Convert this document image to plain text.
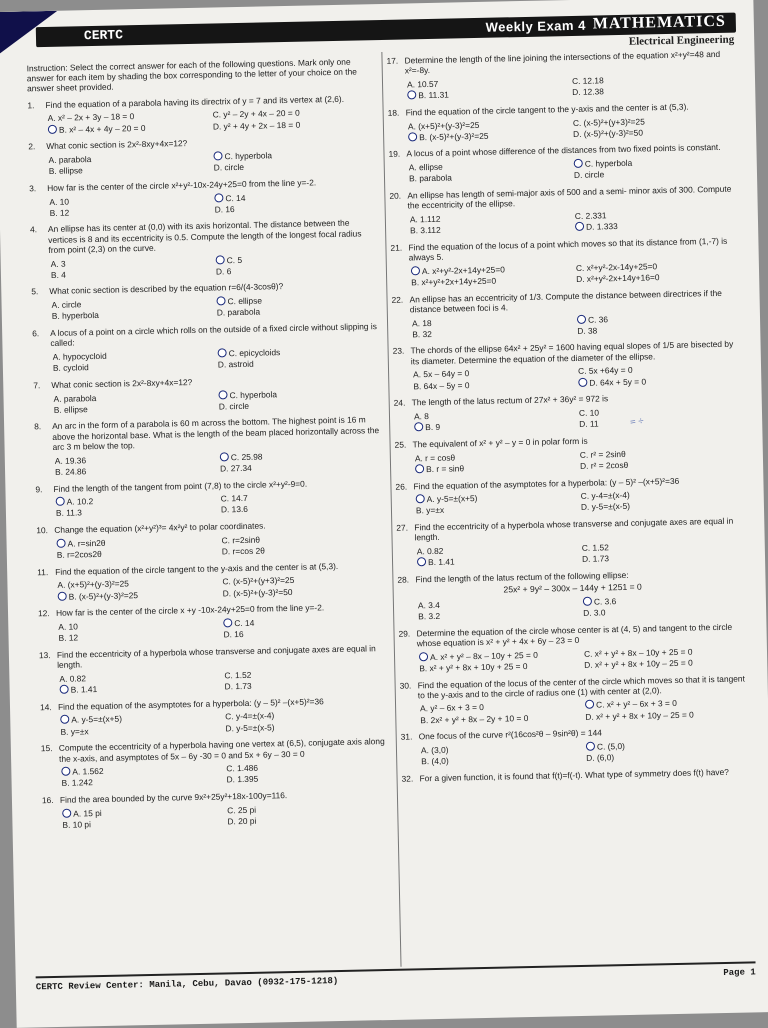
CERTC
Weekly Exam 4 MATHEMATICS
Electrical Engineering
Instruction: Select the correct answer for each of the following questions. Mark only one answer for each item by shading the box corresponding to the letter of your choice on the answer sheet provided.
1.	Find the equation of a parabola having its directrix of y = 7 and its vertex at (2,6).
A. x² – 2x + 3y – 18 = 0	C. y² – 2y + 4x – 20 = 0
B. x² – 4x + 4y – 20 = 0	D. y² + 4y + 2x – 18 = 0
2.	What conic section is 2x²-8xy+4x=12?
A. parabola	C. hyperbola
B. ellipse	D. circle
3.	How far is the center of the circle x²+y²-10x-24y+25=0 from the line y=-2.
A. 10	C. 14
B. 12	D. 16
4.	An ellipse has its center at (0,0) with its axis horizontal. The distance between the vertices is 8 and its eccentricity is 0.5. Compute the length of the longest focal radius from point (2,3) on the curve.
A. 3	C. 5
B. 4	D. 6
5.	What conic section is described by the equation r=6/(4-3cosθ)?
A. circle	C. ellipse
B. hyperbola	D. parabola
6.	A locus of a point on a circle which rolls on the outside of a fixed circle without slipping is called:
A. hypocycloid	C. epicycloids
B. cycloid	D. astroid
7.	What conic section is 2x²-8xy+4x=12?
A. parabola	C. hyperbola
B. ellipse	D. circle
8.	An arc in the form of a parabola is 60 m across the bottom. The highest point is 16 m above the horizontal base. What is the length of the beam placed horizontally across the arc 3 m below the top.
A. 19.36	C. 25.98
B. 24.86	D. 27.34
9.	Find the length of the tangent from point (7,8) to the circle x²+y²-9=0.
A. 10.2	C. 14.7
B. 11.3	D. 13.6
10. Change the equation (x²+y²)³= 4x²y² to polar coordinates.
A. r=sin2θ	C. r=2sinθ
B. r=2cos2θ	D. r=cos 2θ
11. Find the equation of the circle tangent to the y-axis and the center is at (5,3).
A. (x+5)²+(y-3)²=25	C. (x-5)²+(y+3)²=25
B. (x-5)²+(y-3)²=25	D. (x-5)²+(y-3)²=50
12. How far is the center of the circle x +y -10x-24y+25=0 from the line y=-2.
A. 10	C. 14
B. 12	D. 16
13. Find the eccentricity of a hyperbola whose transverse and conjugate axes are equal in length.
A. 0.82	C. 1.52
B. 1.41	D. 1.73
14. Find the equation of the asymptotes for a hyperbola: (y – 5)² –(x+5)²=36
A. y-5=±(x+5)	C. y-4=±(x-4)
B. y=±x	D. y-5=±(x-5)
15. Compute the eccentricity of a hyperbola having one vertex at (6,5), conjugate axis along the x-axis, and asymptotes of 5x – 6y -30 = 0 and 5x + 6y – 30 = 0
A. 1.562	C. 1.486
B. 1.242	D. 1.395
16. Find the area bounded by the curve 9x²+25y²+18x-100y=116.
A. 15 pi	C. 25 pi
B. 10 pi	D. 20 pi
17. Determine the length of the line joining the intersections of the equation x²+y²=48 and x²=-8y.
A. 10.57	C. 12.18
B. 11.31	D. 12.38
18. Find the equation of the circle tangent to the y-axis and the center is at (5,3).
A. (x+5)²+(y-3)²=25	C. (x-5)²+(y+3)²=25
B. (x-5)²+(y-3)²=25	D. (x-5)²+(y-3)²=50
19. A locus of a point whose difference of the distances from two fixed points is constant.
A. ellipse	C. hyperbola
B. parabola	D. circle
20. An ellipse has length of semi-major axis of 500 and a semi- minor axis of 300. Compute the eccentricity of the ellipse.
A. 1.112	C. 2.331
B. 3.112	D. 1.333
21. Find the equation of the locus of a point which moves so that its distance from (1,-7) is always 5.
A. x²+y²-2x+14y+25=0	C. x²+y²-2x-14y+25=0
B. x²+y²+2x+14y+25=0	D. x²+y²-2x+14y+16=0
22. An ellipse has an eccentricity of 1/3. Compute the distance between directrices if the distance between foci is 4.
A. 18	C. 36
B. 32	D. 38
23. The chords of the ellipse 64x² + 25y² = 1600 having equal slopes of 1/5 are bisected by its diameter. Determine the equation of the diameter of the ellipse.
A. 5x – 64y = 0	C. 5x +64y = 0
B. 64x – 5y = 0	D. 64x + 5y = 0
24. The length of the latus rectum of 27x² + 36y² = 972 is
A. 8	C. 10
B. 9	D. 11
25. The equivalent of x² + y² – y = 0 in polar form is
A. r = cosθ	C. r² = 2sinθ
B. r = sinθ	D. r² = 2cosθ
26. Find the equation of the asymptotes for a hyperbola: (y – 5)² –(x+5)²=36
A. y-5=±(x+5)	C. y-4=±(x-4)
B. y=±x	D. y-5=±(x-5)
27. Find the eccentricity of a hyperbola whose transverse and conjugate axes are equal in length.
A. 0.82	C. 1.52
B. 1.41	D. 1.73
28. Find the length of the latus rectum of the following ellipse:
25x² + 9y² – 300x – 144y + 1251 = 0
A. 3.4	C. 3.6
B. 3.2	D. 3.0
29. Determine the equation of the circle whose center is at (4, 5) and tangent to the circle whose equation is x² + y² + 4x + 6y – 23 = 0
A. x² + y² – 8x – 10y + 25 = 0	C. x² + y² + 8x – 10y + 25 = 0
B. x² + y² + 8x + 10y + 25 = 0	D. x² + y² + 8x + 10y – 25 = 0
30. Find the equation of the locus of the center of the circle which moves so that it is tangent to the y-axis and to the circle of radius one (1) with center at (2,0).
A. y² – 6x + 3 = 0	C. x² + y² – 6x + 3 = 0
B. 2x² + y² + 8x – 2y + 10 = 0	D. x² + y² + 8x + 10y – 25 = 0
31. One focus of the curve r²(16cos²θ – 9sin²θ) = 144
A. (3,0)	C. (5,0)
B. (4,0)	D. (6,0)
32. For a given function, it is found that f(t)=f(-t). What type of symmetry does f(t) have?
= ÷
CERTC Review Center: Manila, Cebu, Davao (0932-175-1218)
Page 1
